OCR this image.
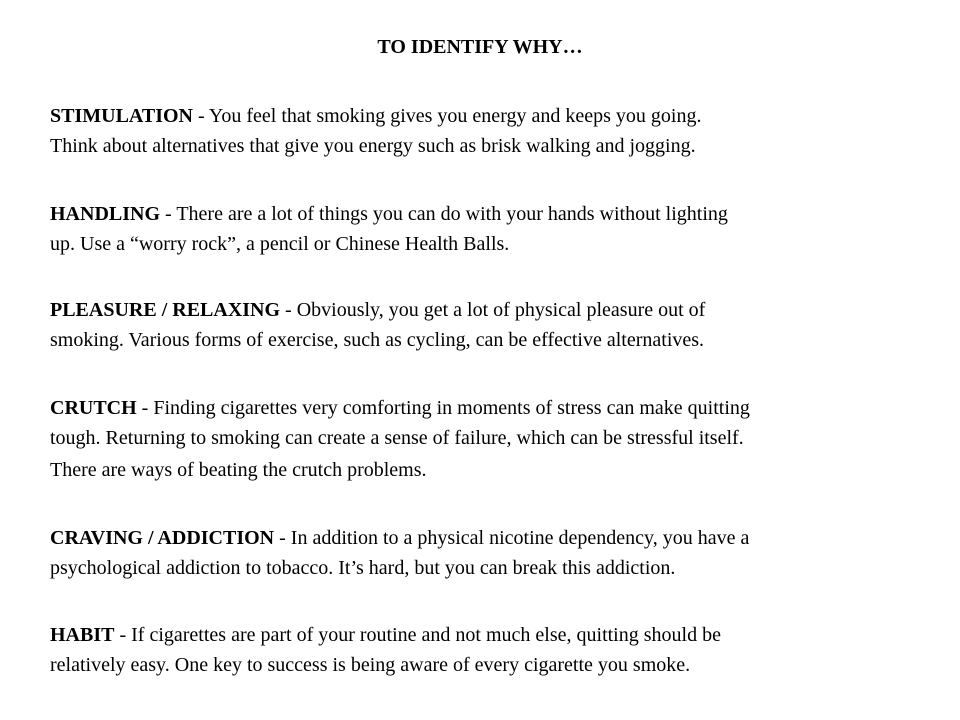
TO IDENTIFY WHY…
STIMULATION - You feel that smoking gives you energy and keeps you going.
Think about alternatives that give you energy such as brisk walking and jogging.
HANDLING - There are a lot of things you can do with your hands without lighting
up. Use a “worry rock”, a pencil or Chinese Health Balls.
PLEASURE / RELAXING - Obviously, you get a lot of physical pleasure out of
smoking. Various forms of exercise, such as cycling, can be effective alternatives.
CRUTCH - Finding cigarettes very comforting in moments of stress can make quitting
tough. Returning to smoking can create a sense of failure, which can be stressful itself.
There are ways of beating the crutch problems.
CRAVING / ADDICTION - In addition to a physical nicotine dependency, you have a
psychological addiction to tobacco. It’s hard, but you can break this addiction.
HABIT - If cigarettes are part of your routine and not much else, quitting should be
relatively easy. One key to success is being aware of every cigarette you smoke.
